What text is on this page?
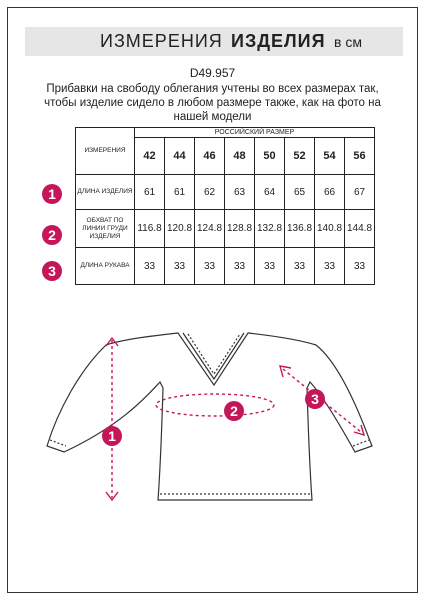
ИЗМЕРЕНИЯ ИЗДЕЛИЯ в см
D49.957
Прибавки на свободу облегания учтены во всех размерах так, чтобы изделие сидело в любом размере также, как на фото на нашей модели
1
2
3
ИЗМЕРЕНИЯ	РОССИЙСКИЙ РАЗМЕР							
	42	44	46	48	50	52	54	56
ДЛИНА ИЗДЕЛИЯ	61	61	62	63	64	65	66	67
ОБХВАТ ПО ЛИНИИ ГРУДИ ИЗДЕЛИЯ	116.8	120.8	124.8	128.8	132.8	136.8	140.8	144.8
ДЛИНА РУКАВА	33	33	33	33	33	33	33	33
1
2
3
